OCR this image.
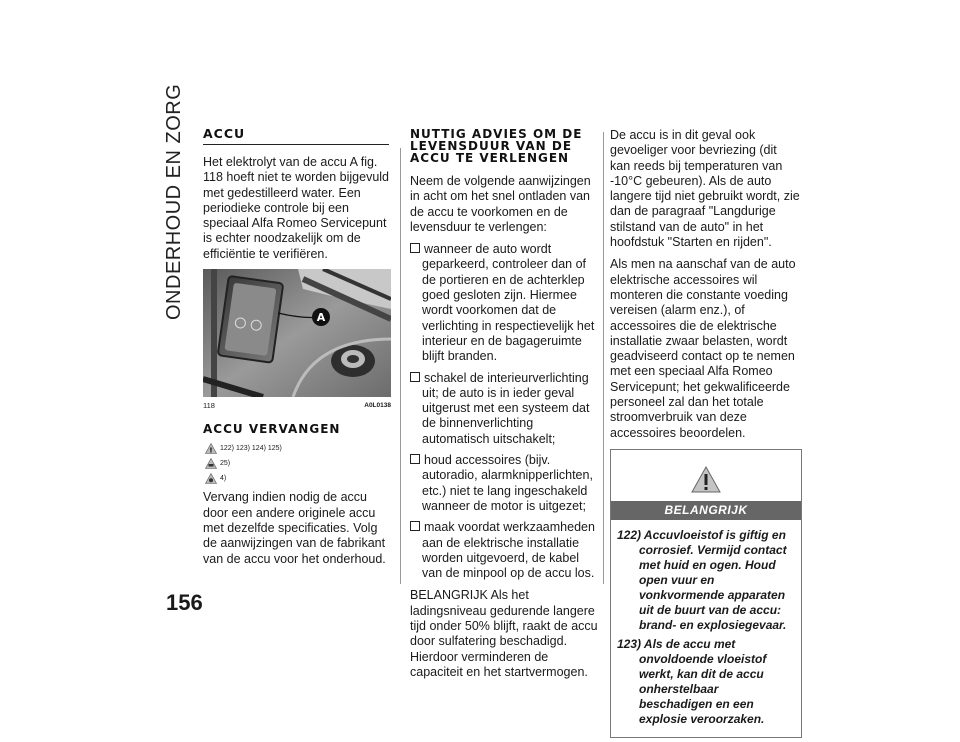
ONDERHOUD EN ZORG
156
ACCU

Het elektrolyt van de accu A fig. 118 hoeft niet te worden bijgevuld met gedestilleerd water. Een periodieke controle bij een speciaal Alfa Romeo Servicepunt is echter noodzakelijk om de efficiëntie te verifiëren.

A
118	A0L0138
ACCU VERVANGEN
! 122) 123) 124) 125)
25)
4)

Vervang indien nodig de accu door een andere originele accu met dezelfde specificaties. Volg de aanwijzingen van de fabrikant van de accu voor het onderhoud.

NUTTIG ADVIES OM DE LEVENSDUUR VAN DE ACCU TE VERLENGEN

Neem de volgende aanwijzingen in acht om het snel ontladen van de accu te voorkomen en de levensduur te verlengen:

wanneer de auto wordt geparkeerd, controleer dan of de portieren en de achterklep goed gesloten zijn. Hiermee wordt voorkomen dat de verlichting in respectievelijk het interieur en de bagageruimte blijft branden.
schakel de interieurverlichting uit; de auto is in ieder geval uitgerust met een systeem dat de binnenverlichting automatisch uitschakelt;
houd accessoires (bijv. autoradio, alarmknipperlichten, etc.) niet te lang ingeschakeld wanneer de motor is uitgezet;
maak voordat werkzaamheden aan de elektrische installatie worden uitgevoerd, de kabel van de minpool op de accu los.

BELANGRIJK Als het ladingsniveau gedurende langere tijd onder 50% blijft, raakt de accu door sulfatering beschadigd. Hierdoor verminderen de capaciteit en het startvermogen.

De accu is in dit geval ook gevoeliger voor bevriezing (dit kan reeds bij temperaturen van -10°C gebeuren). Als de auto langere tijd niet gebruikt wordt, zie dan de paragraaf "Langdurige stilstand van de auto" in het hoofdstuk "Starten en rijden".

Als men na aanschaf van de auto elektrische accessoires wil monteren die constante voeding vereisen (alarm enz.), of accessoires die de elektrische installatie zwaar belasten, wordt geadviseerd contact op te nemen met een speciaal Alfa Romeo Servicepunt; het gekwalificeerde personeel zal dan het totale stroomverbruik van deze accessoires beoordelen.

BELANGRIJK
122) Accuvloeistof is giftig en corrosief. Vermijd contact met huid en ogen. Houd open vuur en vonkvormende apparaten uit de buurt van de accu: brand- en explosiegevaar.
123) Als de accu met onvoldoende vloeistof werkt, kan dit de accu onherstelbaar beschadigen en een explosie veroorzaken.
